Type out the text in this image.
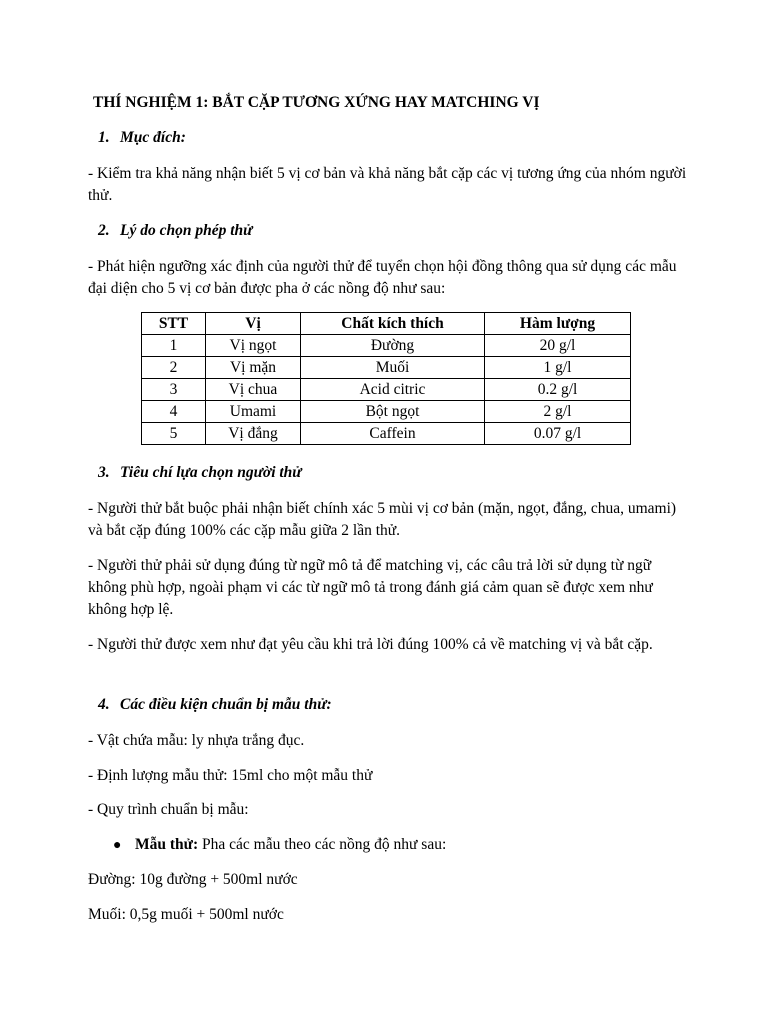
THÍ NGHIỆM 1: BẮT CẶP TƯƠNG XỨNG HAY MATCHING VỊ
1. Mục đích:
- Kiểm tra khả năng nhận biết 5 vị cơ bản và khả năng bắt cặp các vị tương ứng của nhóm người thử.
2. Lý do chọn phép thử
- Phát hiện ngưỡng xác định của người thử để tuyển chọn hội đồng thông qua sử dụng các mẫu đại diện cho 5 vị cơ bản được pha ở các nồng độ như sau:
STT	Vị	Chất kích thích	Hàm lượng
1	Vị ngọt	Đường	20 g/l
2	Vị mặn	Muối	1 g/l
3	Vị chua	Acid citric	0.2 g/l
4	Umami	Bột ngọt	2 g/l
5	Vị đắng	Caffein	0.07 g/l
3. Tiêu chí lựa chọn người thử
- Người thử bắt buộc phải nhận biết chính xác 5 mùi vị cơ bản (mặn, ngọt, đắng, chua, umami) và bắt cặp đúng 100% các cặp mẫu giữa 2 lần thử.
- Người thử phải sử dụng đúng từ ngữ mô tả để matching vị, các câu trả lời sử dụng từ ngữ không phù hợp, ngoài phạm vi các từ ngữ mô tả trong đánh giá cảm quan sẽ được xem như không hợp lệ.
- Người thử được xem như đạt yêu cầu khi trả lời đúng 100% cả về matching vị và bắt cặp.
4. Các điều kiện chuẩn bị mẫu thử:
- Vật chứa mẫu: ly nhựa trắng đục.
- Định lượng mẫu thử: 15ml cho một mẫu thử
- Quy trình chuẩn bị mẫu:
● Mẫu thử: Pha các mẫu theo các nồng độ như sau:
Đường: 10g đường + 500ml nước
Muối: 0,5g muối + 500ml nước
